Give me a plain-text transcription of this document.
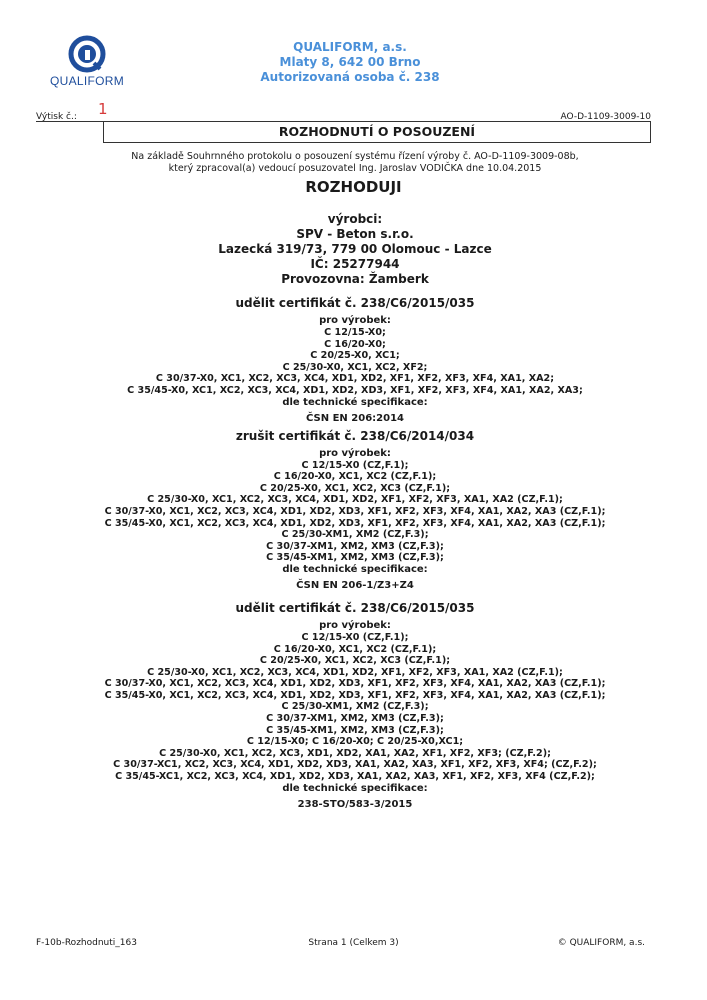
QUALIFORM
QUALIFORM, a.s.
Mlaty 8, 642 00 Brno
Autorizovaná osoba č. 238
Výtisk č.: 1	AO-D-1109-3009-10
ROZHODNUTÍ O POSOUZENÍ
Na základě Souhrnného protokolu o posouzení systému řízení výroby č. AO-D-1109-3009-08b,
který zpracoval(a) vedoucí posuzovatel Ing. Jaroslav VODIČKA dne 10.04.2015
ROZHODUJI
výrobci:
SPV - Beton s.r.o.
Lazecká 319/73, 779 00 Olomouc - Lazce
IČ: 25277944
Provozovna: Žamberk
udělit certifikát č. 238/C6/2015/035
pro výrobek:
C 12/15-X0;
C 16/20-X0;
C 20/25-X0, XC1;
C 25/30-X0, XC1, XC2, XF2;
C 30/37-X0, XC1, XC2, XC3, XC4, XD1, XD2, XF1, XF2, XF3, XF4, XA1, XA2;
C 35/45-X0, XC1, XC2, XC3, XC4, XD1, XD2, XD3, XF1, XF2, XF3, XF4, XA1, XA2, XA3;
dle technické specifikace:
ČSN EN 206:2014
zrušit certifikát č. 238/C6/2014/034
pro výrobek:
C 12/15-X0 (CZ,F.1);
C 16/20-X0, XC1, XC2 (CZ,F.1);
C 20/25-X0, XC1, XC2, XC3 (CZ,F.1);
C 25/30-X0, XC1, XC2, XC3, XC4, XD1, XD2, XF1, XF2, XF3, XA1, XA2 (CZ,F.1);
C 30/37-X0, XC1, XC2, XC3, XC4, XD1, XD2, XD3, XF1, XF2, XF3, XF4, XA1, XA2, XA3 (CZ,F.1);
C 35/45-X0, XC1, XC2, XC3, XC4, XD1, XD2, XD3, XF1, XF2, XF3, XF4, XA1, XA2, XA3 (CZ,F.1);
C 25/30-XM1, XM2 (CZ,F.3);
C 30/37-XM1, XM2, XM3 (CZ,F.3);
C 35/45-XM1, XM2, XM3 (CZ,F.3);
dle technické specifikace:
ČSN EN 206-1/Z3+Z4
udělit certifikát č. 238/C6/2015/035
pro výrobek:
C 12/15-X0 (CZ,F.1);
C 16/20-X0, XC1, XC2 (CZ,F.1);
C 20/25-X0, XC1, XC2, XC3 (CZ,F.1);
C 25/30-X0, XC1, XC2, XC3, XC4, XD1, XD2, XF1, XF2, XF3, XA1, XA2 (CZ,F.1);
C 30/37-X0, XC1, XC2, XC3, XC4, XD1, XD2, XD3, XF1, XF2, XF3, XF4, XA1, XA2, XA3 (CZ,F.1);
C 35/45-X0, XC1, XC2, XC3, XC4, XD1, XD2, XD3, XF1, XF2, XF3, XF4, XA1, XA2, XA3 (CZ,F.1);
C 25/30-XM1, XM2 (CZ,F.3);
C 30/37-XM1, XM2, XM3 (CZ,F.3);
C 35/45-XM1, XM2, XM3 (CZ,F.3);
C 12/15-X0; C 16/20-X0; C 20/25-X0,XC1;
C 25/30-X0, XC1, XC2, XC3, XD1, XD2, XA1, XA2, XF1, XF2, XF3; (CZ,F.2);
C 30/37-XC1, XC2, XC3, XC4, XD1, XD2, XD3, XA1, XA2, XA3, XF1, XF2, XF3, XF4; (CZ,F.2);
C 35/45-XC1, XC2, XC3, XC4, XD1, XD2, XD3, XA1, XA2, XA3, XF1, XF2, XF3, XF4 (CZ,F.2);
dle technické specifikace:
238-STO/583-3/2015
F-10b-Rozhodnuti_163	Strana 1 (Celkem 3)	© QUALIFORM, a.s.
